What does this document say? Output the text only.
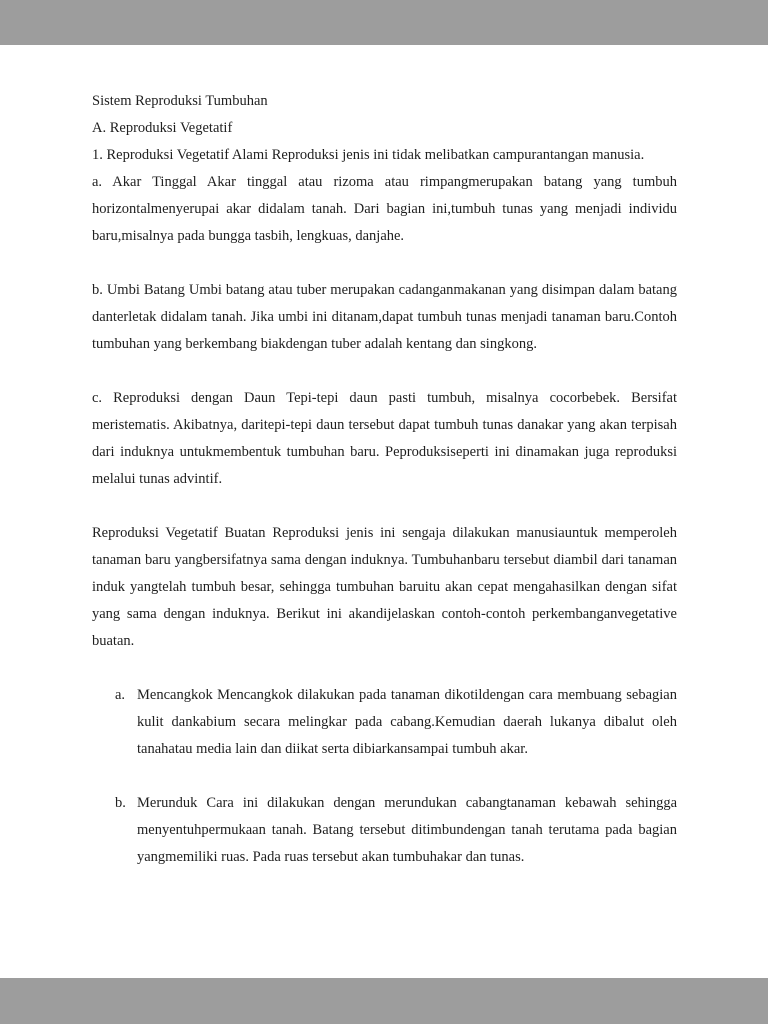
Sistem Reproduksi Tumbuhan

A. Reproduksi Vegetatif

1. Reproduksi Vegetatif Alami Reproduksi jenis ini tidak melibatkan campurantangan manusia.

a. Akar Tinggal Akar tinggal atau rizoma atau rimpangmerupakan batang yang tumbuh horizontalmenyerupai akar didalam tanah. Dari bagian ini,tumbuh tunas yang menjadi individu baru,misalnya pada bungga tasbih, lengkuas, danjahe.

b. Umbi Batang Umbi batang atau tuber merupakan cadanganmakanan yang disimpan dalam batang danterletak didalam tanah. Jika umbi ini ditanam,dapat tumbuh tunas menjadi tanaman baru.Contoh tumbuhan yang berkembang biakdengan tuber adalah kentang dan singkong.

c. Reproduksi dengan Daun Tepi-tepi daun pasti tumbuh, misalnya cocorbebek. Bersifat meristematis. Akibatnya, daritepi-tepi daun tersebut dapat tumbuh tunas danakar yang akan terpisah dari induknya untukmembentuk tumbuhan baru. Peproduksiseperti ini dinamakan juga reproduksi melalui tunas advintif.

Reproduksi Vegetatif Buatan Reproduksi jenis ini sengaja dilakukan manusiauntuk memperoleh tanaman baru yangbersifatnya sama dengan induknya. Tumbuhanbaru tersebut diambil dari tanaman induk yangtelah tumbuh besar, sehingga tumbuhan baruitu akan cepat mengahasilkan dengan sifat yang sama dengan induknya. Berikut ini akandijelaskan contoh-contoh perkembanganvegetative buatan.

a. Mencangkok Mencangkok dilakukan pada tanaman dikotildengan cara membuang sebagian kulit dankabium secara melingkar pada cabang.Kemudian daerah lukanya dibalut oleh tanahatau media lain dan diikat serta dibiarkansampai tumbuh akar.
b. Merunduk Cara ini dilakukan dengan merundukan cabangtanaman kebawah sehingga menyentuhpermukaan tanah. Batang tersebut ditimbundengan tanah terutama pada bagian yangmemiliki ruas. Pada ruas tersebut akan tumbuhakar dan tunas.
